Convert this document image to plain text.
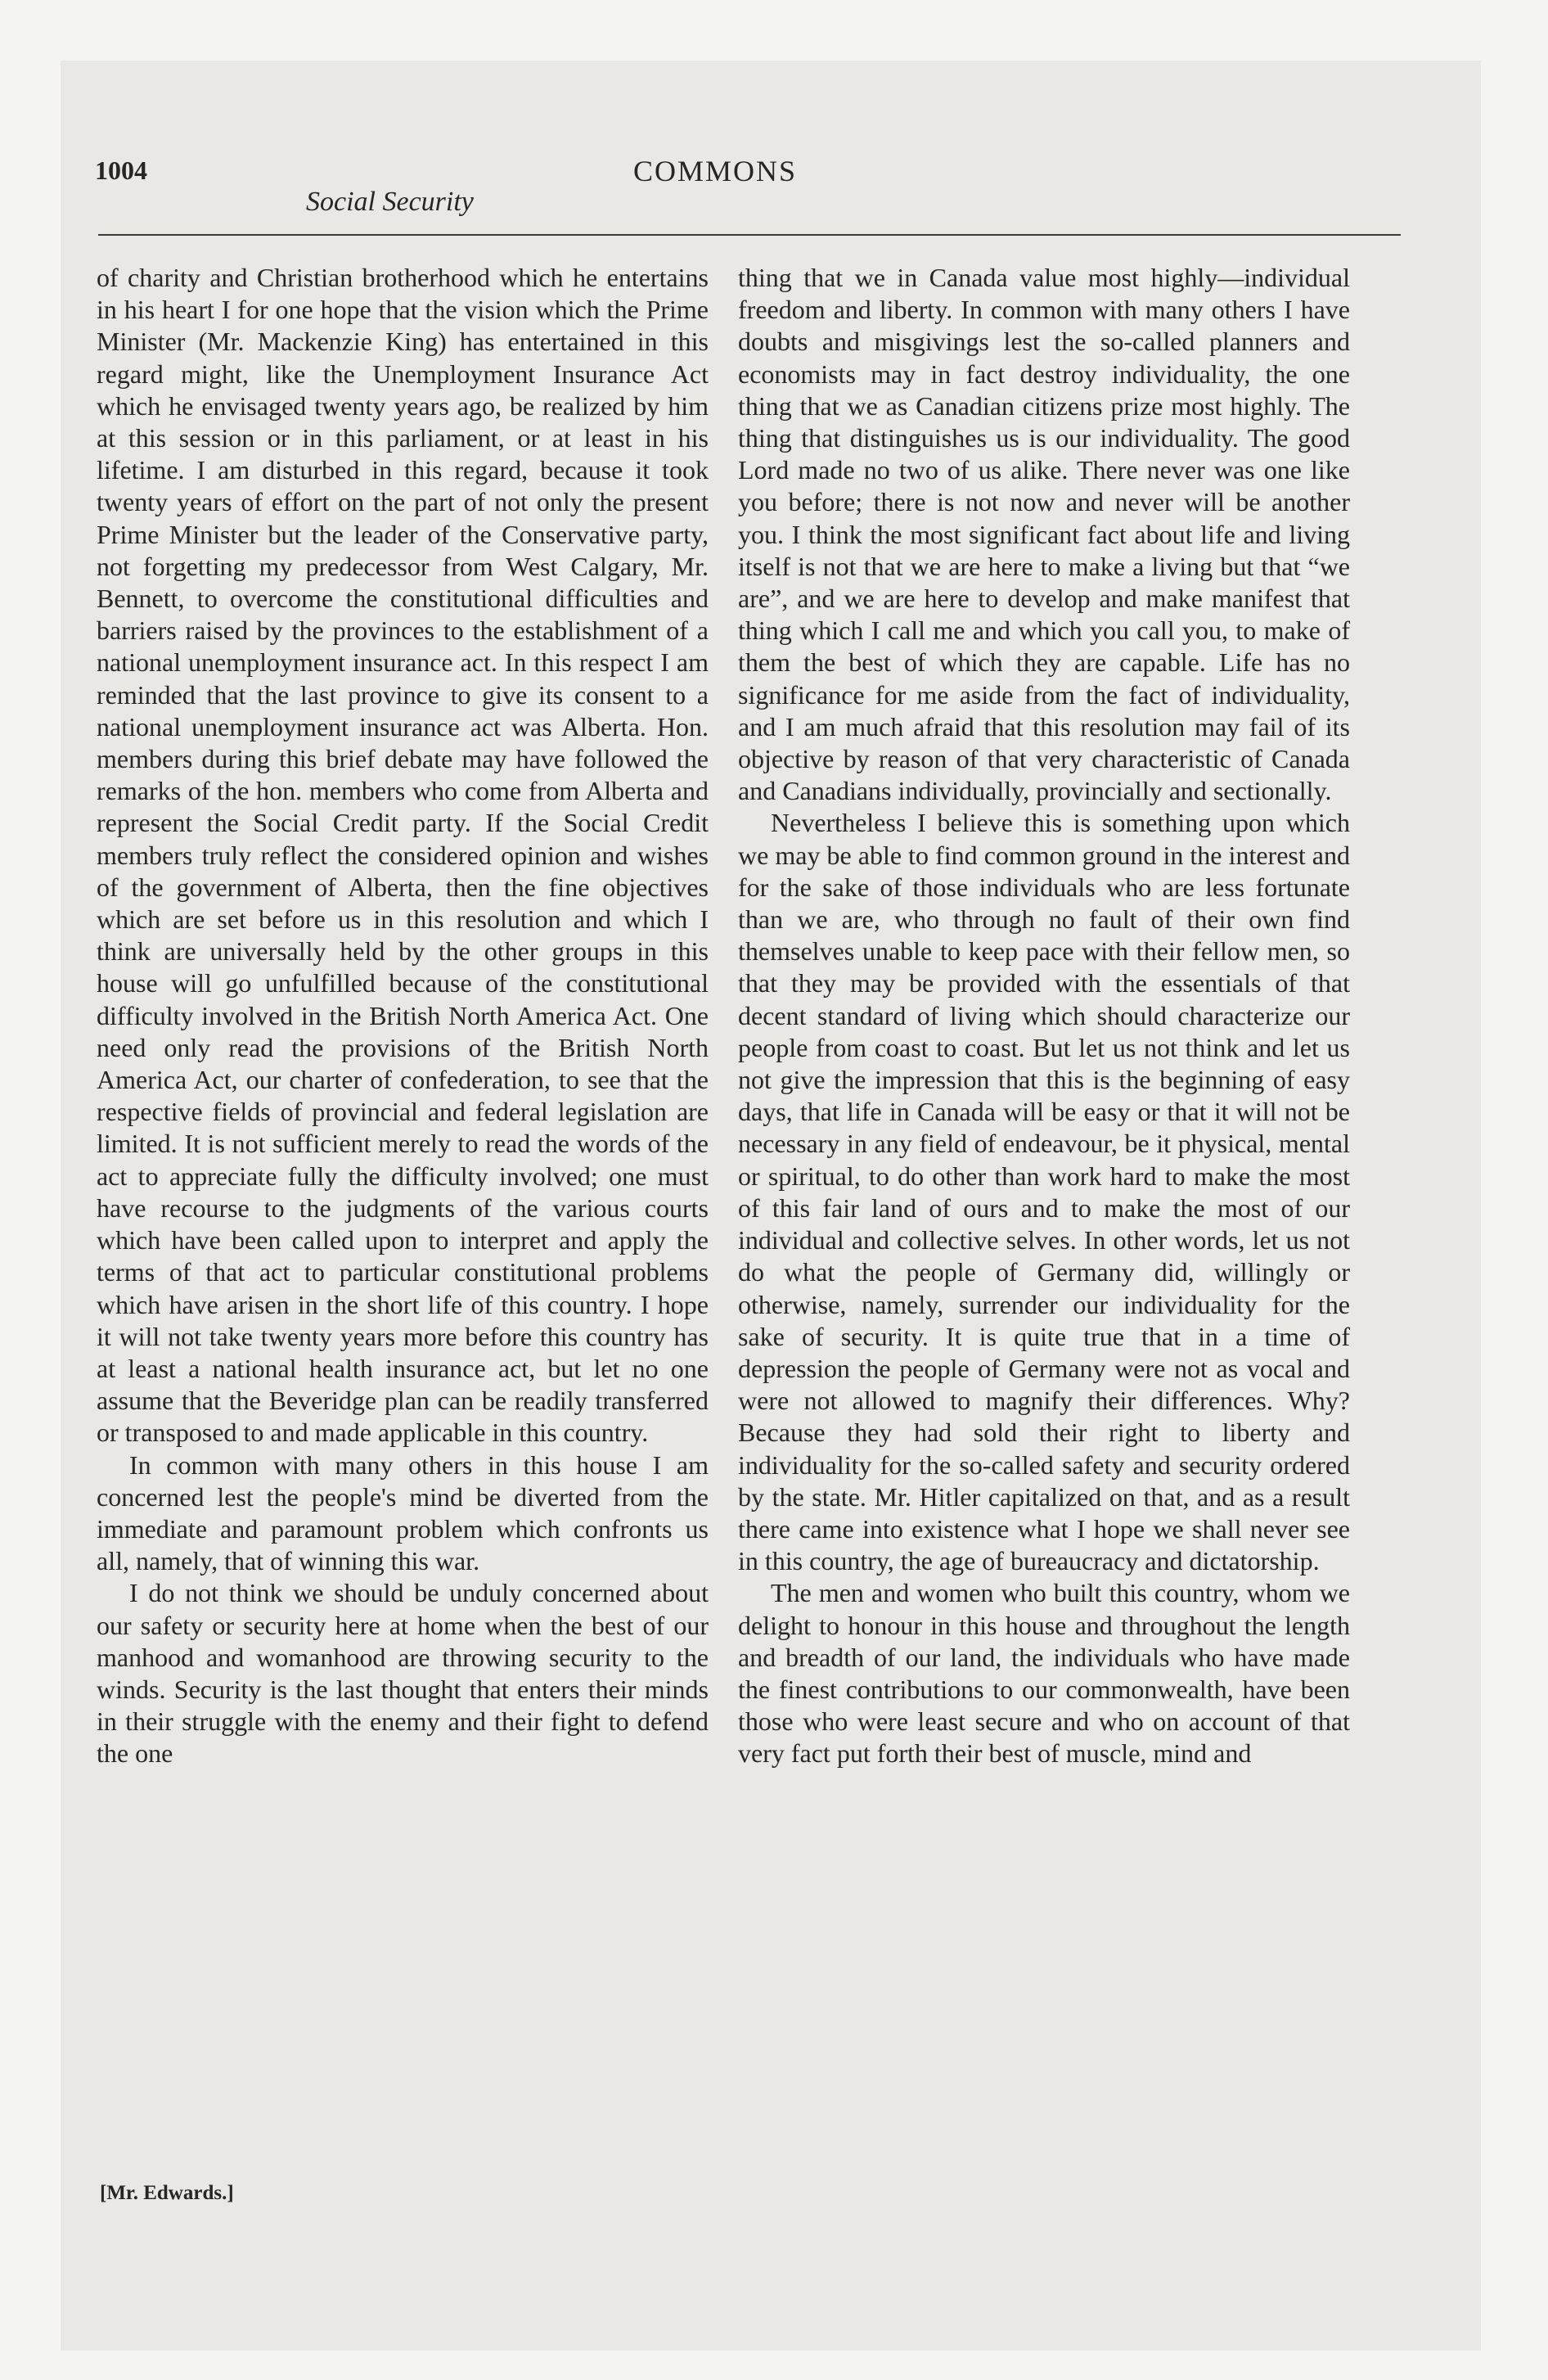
1004	COMMONS
Social Security

of charity and Christian brotherhood which he entertains in his heart I for one hope that the vision which the Prime Minister (Mr. Mackenzie King) has entertained in this regard might, like the Unemployment Insurance Act which he envisaged twenty years ago, be realized by him at this session or in this parliament, or at least in his lifetime. I am disturbed in this regard, because it took twenty years of effort on the part of not only the present Prime Minister but the leader of the Conservative party, not forgetting my predecessor from West Calgary, Mr. Bennett, to overcome the constitutional difficulties and barriers raised by the provinces to the establishment of a national unemployment insurance act. In this respect I am reminded that the last province to give its consent to a national unemployment insurance act was Alberta. Hon. members during this brief debate may have followed the remarks of the hon. members who come from Alberta and represent the Social Credit party. If the Social Credit members truly reflect the considered opinion and wishes of the government of Alberta, then the fine objectives which are set before us in this resolution and which I think are universally held by the other groups in this house will go unfulfilled because of the constitutional difficulty involved in the British North America Act. One need only read the provisions of the British North America Act, our charter of confederation, to see that the respective fields of provincial and federal legislation are limited. It is not sufficient merely to read the words of the act to appreciate fully the difficulty involved; one must have recourse to the judgments of the various courts which have been called upon to interpret and apply the terms of that act to particular constitutional problems which have arisen in the short life of this country. I hope it will not take twenty years more before this country has at least a national health insurance act, but let no one assume that the Beveridge plan can be readily transferred or transposed to and made applicable in this country.

In common with many others in this house I am concerned lest the people's mind be diverted from the immediate and paramount problem which confronts us all, namely, that of winning this war.

I do not think we should be unduly concerned about our safety or security here at home when the best of our manhood and womanhood are throwing security to the winds. Security is the last thought that enters their minds in their struggle with the enemy and their fight to defend the one

thing that we in Canada value most highly—individual freedom and liberty. In common with many others I have doubts and misgivings lest the so-called planners and economists may in fact destroy individuality, the one thing that we as Canadian citizens prize most highly. The thing that distinguishes us is our individuality. The good Lord made no two of us alike. There never was one like you before; there is not now and never will be another you. I think the most significant fact about life and living itself is not that we are here to make a living but that “we are”, and we are here to develop and make manifest that thing which I call me and which you call you, to make of them the best of which they are capable. Life has no significance for me aside from the fact of individuality, and I am much afraid that this resolution may fail of its objective by reason of that very characteristic of Canada and Canadians individually, provincially and sectionally.

Nevertheless I believe this is something upon which we may be able to find common ground in the interest and for the sake of those individuals who are less fortunate than we are, who through no fault of their own find themselves unable to keep pace with their fellow men, so that they may be provided with the essentials of that decent standard of living which should characterize our people from coast to coast. But let us not think and let us not give the impression that this is the beginning of easy days, that life in Canada will be easy or that it will not be necessary in any field of endeavour, be it physical, mental or spiritual, to do other than work hard to make the most of this fair land of ours and to make the most of our individual and collective selves. In other words, let us not do what the people of Germany did, willingly or otherwise, namely, surrender our individuality for the sake of security. It is quite true that in a time of depression the people of Germany were not as vocal and were not allowed to magnify their differences. Why? Because they had sold their right to liberty and individuality for the so-called safety and security ordered by the state. Mr. Hitler capitalized on that, and as a result there came into existence what I hope we shall never see in this country, the age of bureaucracy and dictatorship.

The men and women who built this country, whom we delight to honour in this house and throughout the length and breadth of our land, the individuals who have made the finest contributions to our commonwealth, have been those who were least secure and who on account of that very fact put forth their best of muscle, mind and

[Mr. Edwards.]
